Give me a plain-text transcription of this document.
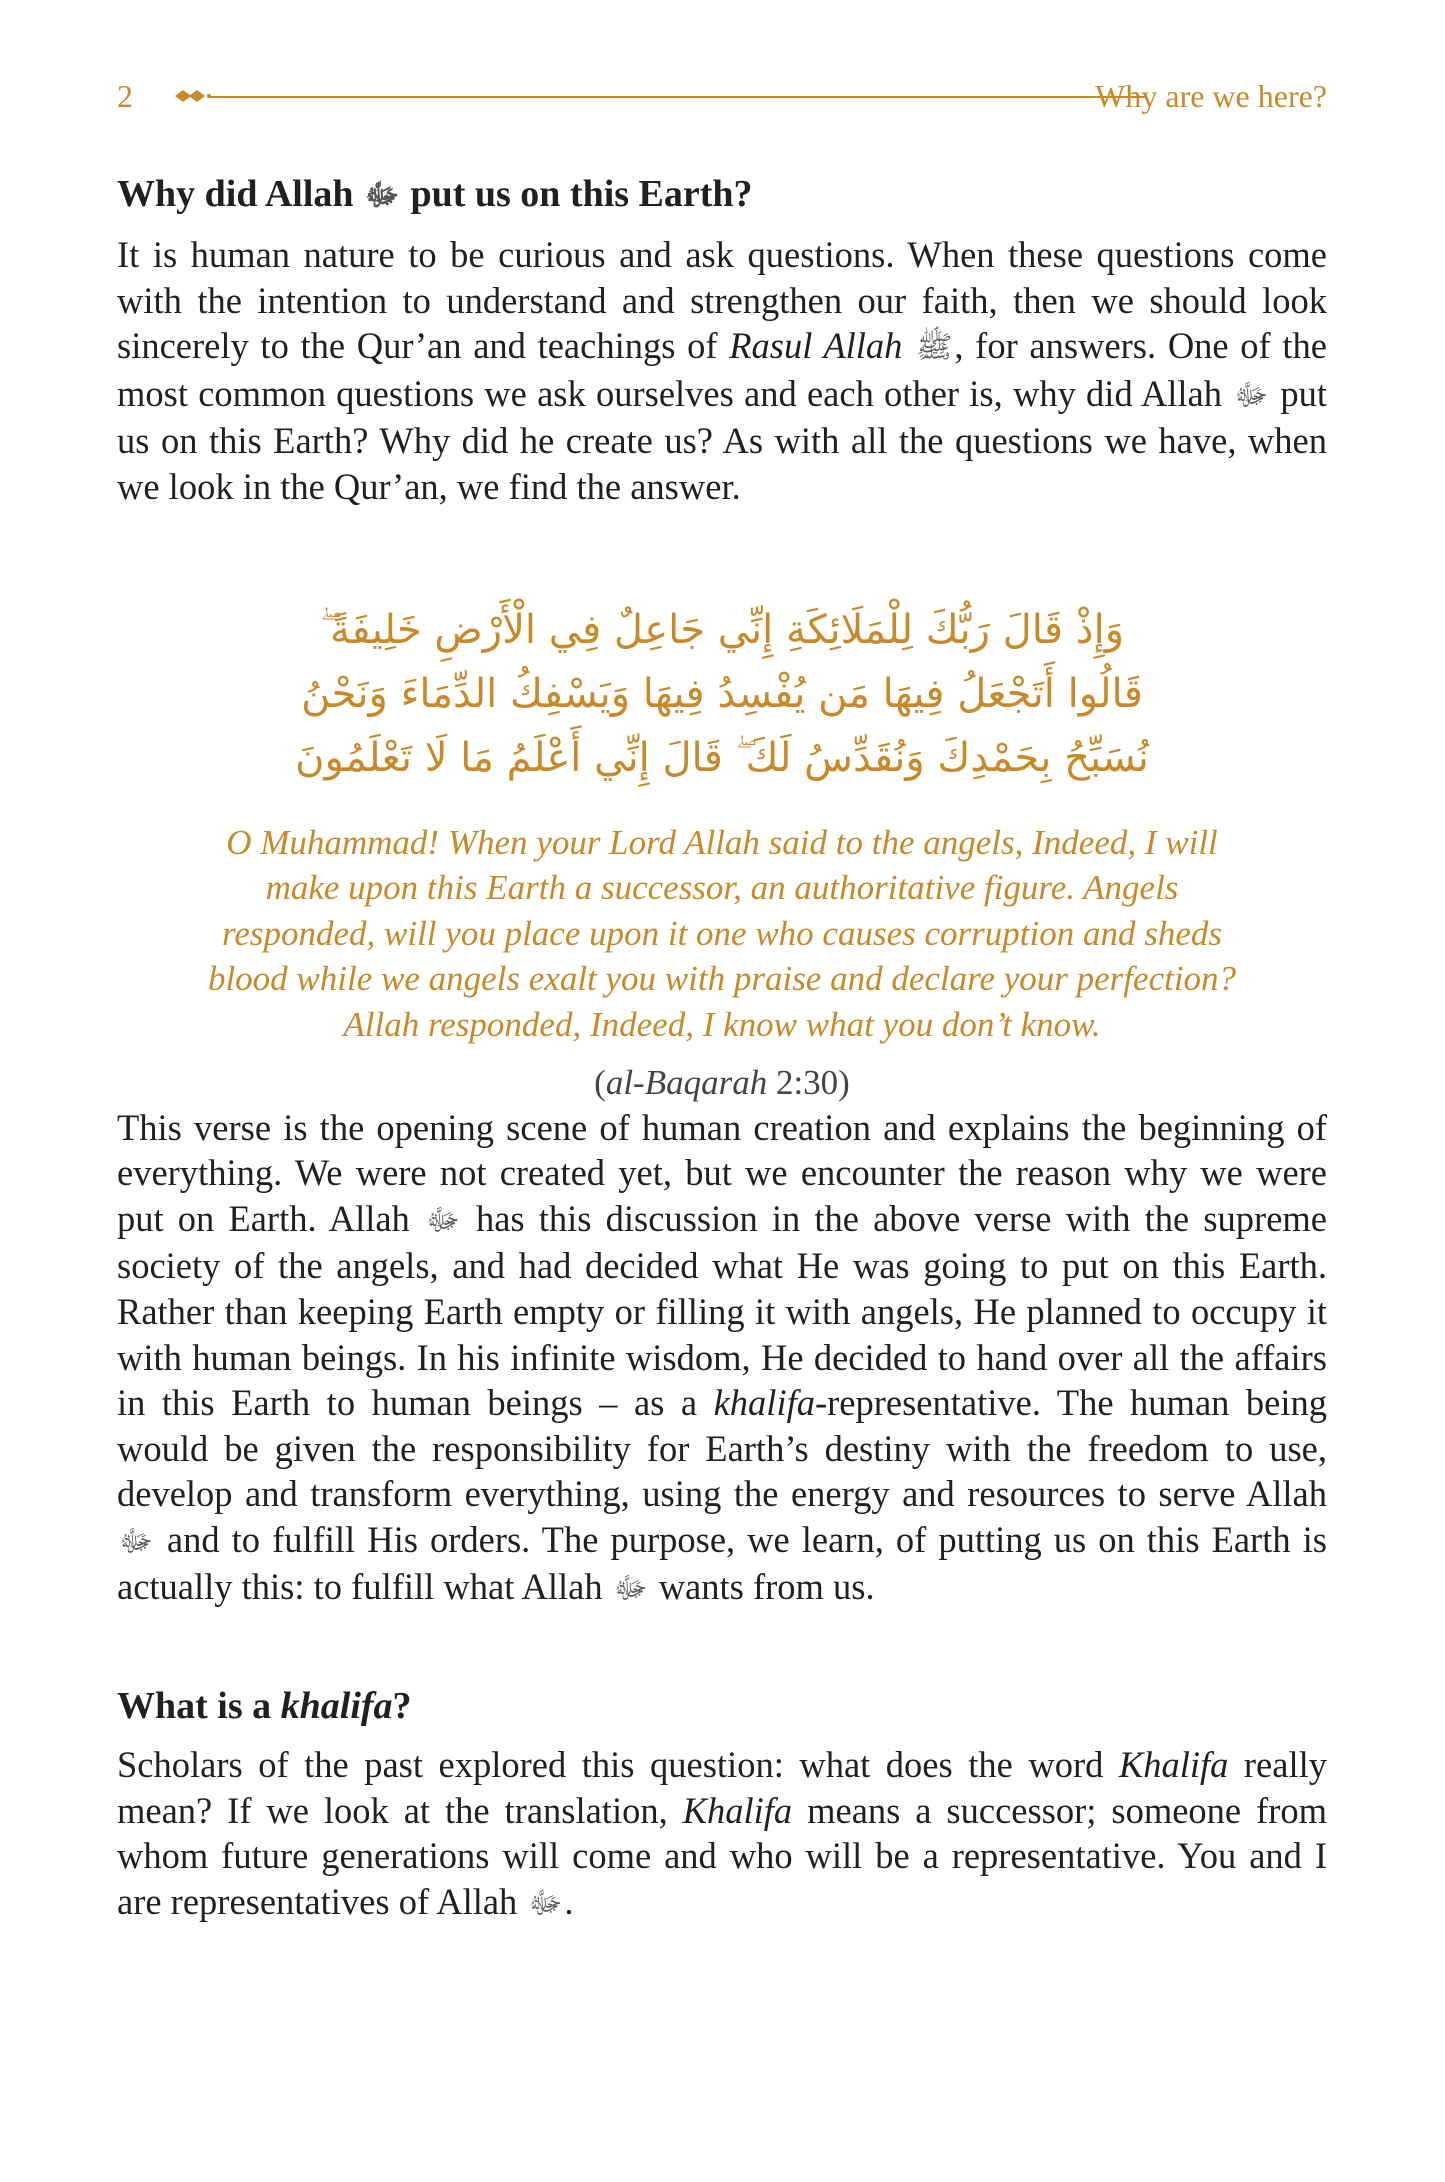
2	Why are we here?
Why did Allah ﷻ put us on this Earth?

It is human nature to be curious and ask questions. When these questions come with the intention to understand and strengthen our faith, then we should look sincerely to the Qur’an and teachings of Rasul Allah ﷺ, for answers. One of the most common questions we ask ourselves and each other is, why did Allah ﷻ put us on this Earth? Why did he create us? As with all the questions we have, when we look in the Qur’an, we find the answer.

وَإِذْ قَالَ رَبُّكَ لِلْمَلَائِكَةِ إِنِّي جَاعِلٌ فِي الْأَرْضِ خَلِيفَةً ۖ قَالُوا أَتَجْعَلُ فِيهَا مَن يُفْسِدُ فِيهَا وَيَسْفِكُ الدِّمَاءَ وَنَحْنُ نُسَبِّحُ بِحَمْدِكَ وَنُقَدِّسُ لَكَ ۖ قَالَ إِنِّي أَعْلَمُ مَا لَا تَعْلَمُونَ
O Muhammad! When your Lord Allah said to the angels, Indeed, I will make upon this Earth a successor, an authoritative figure. Angels responded, will you place upon it one who causes corruption and sheds blood while we angels exalt you with praise and declare your perfection? Allah responded, Indeed, I know what you don’t know.
(al-Baqarah 2:30)

This verse is the opening scene of human creation and explains the beginning of everything. We were not created yet, but we encounter the reason why we were put on Earth. Allah ﷻ has this discussion in the above verse with the supreme society of the angels, and had decided what He was going to put on this Earth. Rather than keeping Earth empty or filling it with angels, He planned to occupy it with human beings. In his infinite wisdom, He decided to hand over all the affairs in this Earth to human beings – as a khalifa-representative. The human being would be given the responsibility for Earth’s destiny with the freedom to use, develop and transform everything, using the energy and resources to serve Allah ﷻ and to fulfill His orders. The purpose, we learn, of putting us on this Earth is actually this: to fulfill what Allah ﷻ wants from us.

What is a khalifa?

Scholars of the past explored this question: what does the word Khalifa really mean? If we look at the translation, Khalifa means a successor; someone from whom future generations will come and who will be a representative. You and I are representatives of Allah ﷻ.
